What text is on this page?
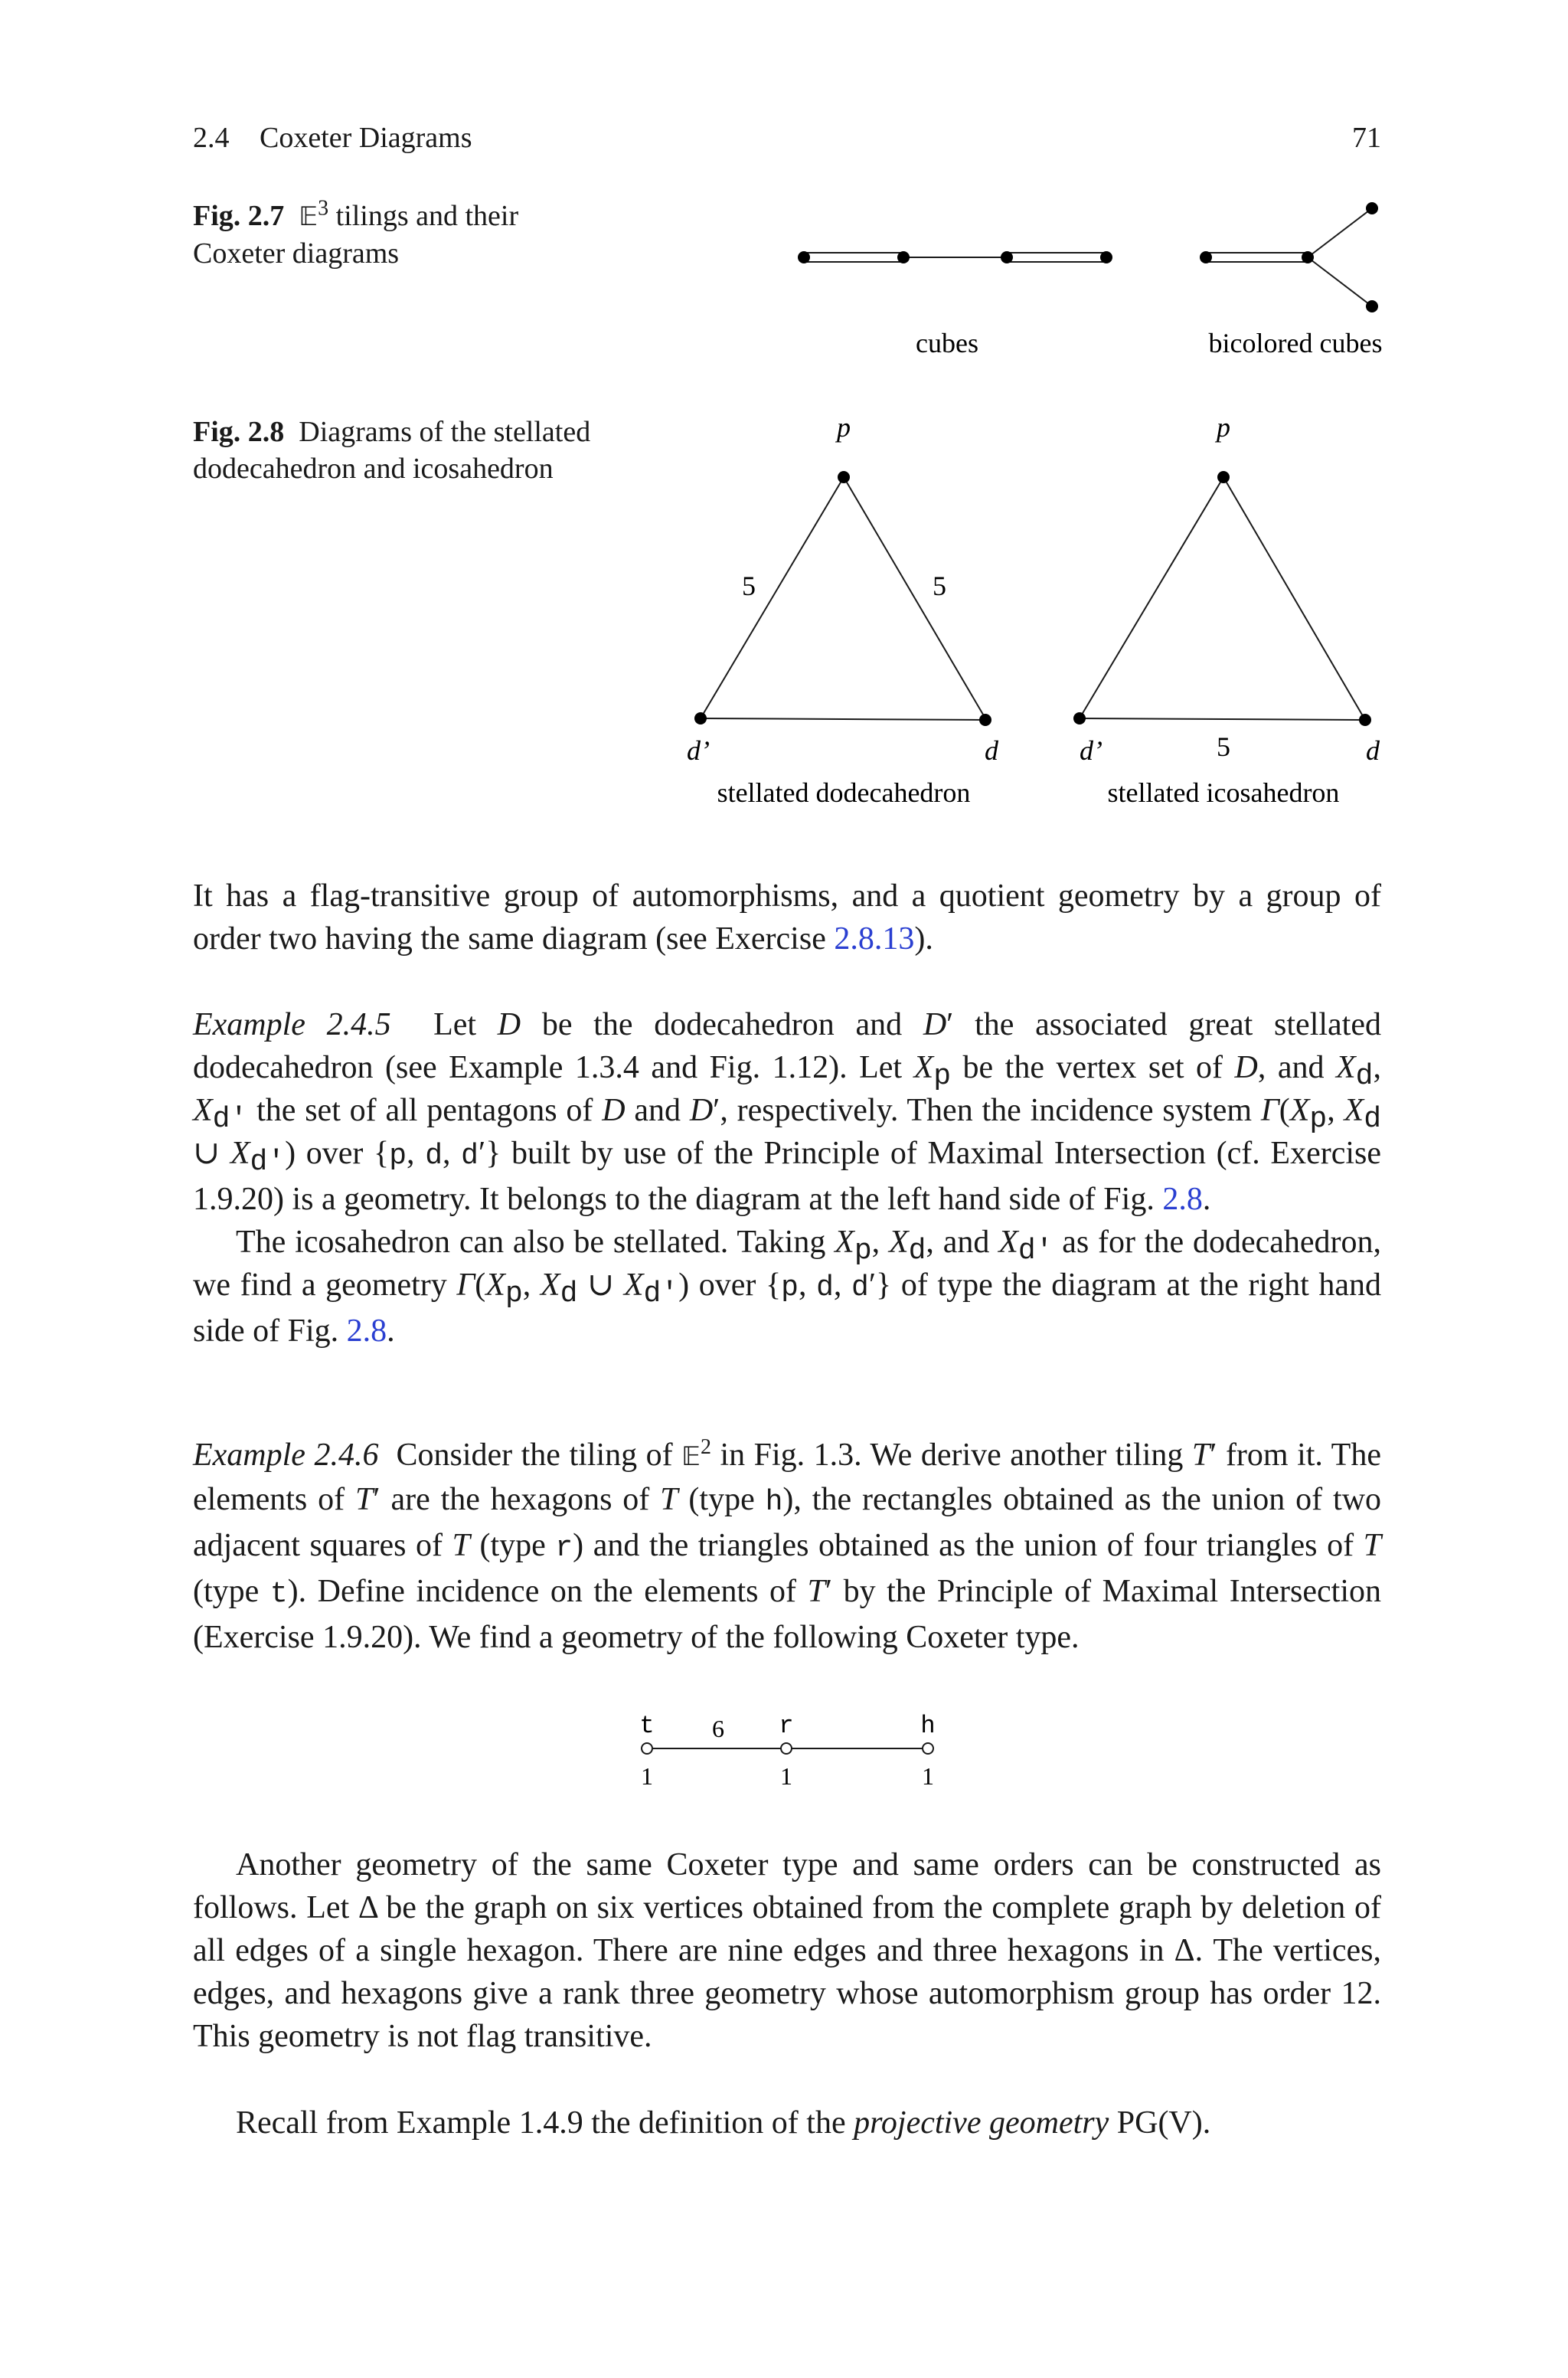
2.4 Coxeter Diagrams	71
Fig. 2.7 𝔼$^3$ tilings and their Coxeter diagrams
cubes	bicolored cubes
Fig. 2.8 Diagrams of the stellated dodecahedron and icosahedron
p
5	5
d’	d
stellated dodecahedron
p
5
d’	d
stellated icosahedron

It has a flag-transitive group of automorphisms, and a quotient geometry by a group of order two having the same diagram (see Exercise 2.8.13).

Example 2.4.5  Let D be the dodecahedron and D′ the associated great stellated dodecahedron (see Example 1.3.4 and Fig. 1.12). Let $X_p$ be the vertex set of D, and $X_d$, $X_{d'}$ the set of all pentagons of D and D′, respectively. Then the incidence system $\Gamma(X_p$, $X_d$ ∪ $X_{d'}$) over {p, d, d′} built by use of the Principle of Maximal Intersection (cf. Exercise 1.9.20) is a geometry. It belongs to the diagram at the left hand side of Fig. 2.8.

The icosahedron can also be stellated. Taking $X_p$, $X_d$, and $X_{d'}$ as for the dodecahedron, we find a geometry $\Gamma(X_p$, $X_d$ ∪ $X_{d'}$) over {p, d, d′} of type the diagram at the right hand side of Fig. 2.8.

Example 2.4.6  Consider the tiling of 𝔼$^2$ in Fig. 1.3. We derive another tiling T′ from it. The elements of T′ are the hexagons of T (type h), the rectangles obtained as the union of two adjacent squares of T (type r) and the triangles obtained as the union of four triangles of T (type t). Define incidence on the elements of T′ by the Principle of Maximal Intersection (Exercise 1.9.20). We find a geometry of the following Coxeter type.

t	r	h
6
1	1	1

Another geometry of the same Coxeter type and same orders can be constructed as follows. Let Δ be the graph on six vertices obtained from the complete graph by deletion of all edges of a single hexagon. There are nine edges and three hexagons in Δ. The vertices, edges, and hexagons give a rank three geometry whose automorphism group has order 12. This geometry is not flag transitive.

Recall from Example 1.4.9 the definition of the projective geometry PG(V).
